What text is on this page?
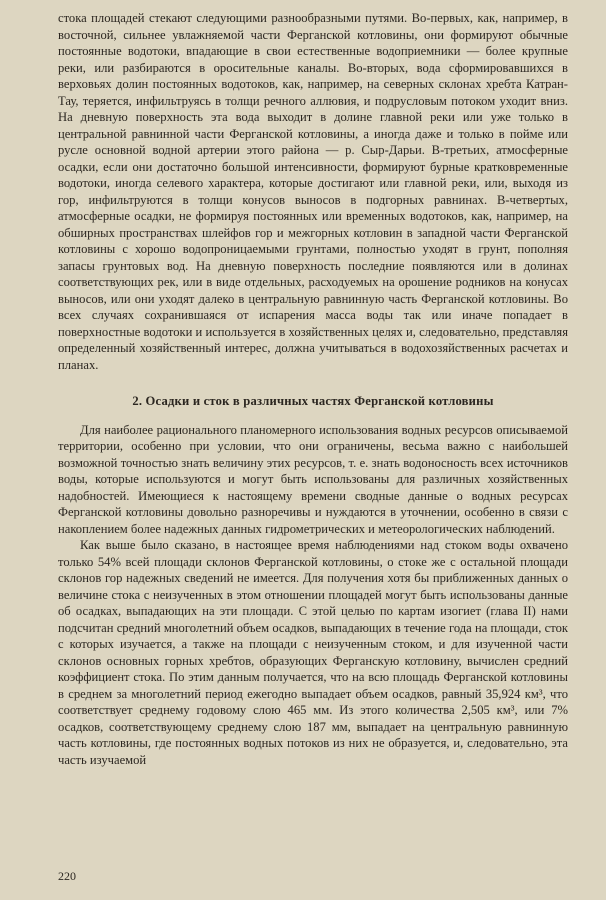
стока площадей стекают следующими разнообразными путями. Во-первых, как, например, в восточной, сильнее увлажняемой части Ферганской котловины, они формируют обычные постоянные водотоки, впадающие в свои естественные водоприемники — более крупные реки, или разбираются в оросительные каналы. Во-вторых, вода сформировавшихся в верховьях долин постоянных водотоков, как, например, на северных склонах хребта Катран-Тау, теряется, инфильтруясь в толщи речного аллювия, и подрусловым потоком уходит вниз. На дневную поверхность эта вода выходит в долине главной реки или уже только в центральной равнинной части Ферганской котловины, а иногда даже и только в пойме или русле основной водной артерии этого района — р. Сыр-Дарьи. В-третьих, атмосферные осадки, если они достаточно большой интенсивности, формируют бурные кратковременные водотоки, иногда селевого характера, которые достигают или главной реки, или, выходя из гор, инфильтруются в толщи конусов выносов в подгорных равнинах. В-четвертых, атмосферные осадки, не формируя постоянных или временных водотоков, как, например, на обширных пространствах шлейфов гор и межгорных котловин в западной части Ферганской котловины с хорошо водопроницаемыми грунтами, полностью уходят в грунт, пополняя запасы грунтовых вод. На дневную поверхность последние появляются или в долинах соответствующих рек, или в виде отдельных, расходуемых на орошение родников на конусах выносов, или они уходят далеко в центральную равнинную часть Ферганской котловины. Во всех случаях сохранившаяся от испарения масса воды так или иначе попадает в поверхностные водотоки и используется в хозяйственных целях и, следовательно, представляя определенный хозяйственный интерес, должна учитываться в водохозяйственных расчетах и планах.

2. Осадки и сток в различных частях Ферганской котловины

Для наиболее рационального планомерного использования водных ресурсов описываемой территории, особенно при условии, что они ограничены, весьма важно с наибольшей возможной точностью знать величину этих ресурсов, т. е. знать водоносность всех источников воды, которые используются и могут быть использованы для различных хозяйственных надобностей. Имеющиеся к настоящему времени сводные данные о водных ресурсах Ферганской котловины довольно разноречивы и нуждаются в уточнении, особенно в связи с накоплением более надежных данных гидрометрических и метеорологических наблюдений.

Как выше было сказано, в настоящее время наблюдениями над стоком воды охвачено только 54% всей площади склонов Ферганской котловины, о стоке же с остальной площади склонов гор надежных сведений не имеется. Для получения хотя бы приближенных данных о величине стока с неизученных в этом отношении площадей могут быть использованы данные об осадках, выпадающих на эти площади. С этой целью по картам изогиет (глава II) нами подсчитан средний многолетний объем осадков, выпадающих в течение года на площади, сток с которых изучается, а также на площади с неизученным стоком, и для изученной части склонов основных горных хребтов, образующих Ферганскую котловину, вычислен средний коэффициент стока. По этим данным получается, что на всю площадь Ферганской котловины в среднем за многолетний период ежегодно выпадает объем осадков, равный 35,924 км³, что соответствует среднему годовому слою 465 мм. Из этого количества 2,505 км³, или 7% осадков, соответствующему среднему слою 187 мм, выпадает на центральную равнинную часть котловины, где постоянных водных потоков из них не образуется, и, следовательно, эта часть изучаемой

220
